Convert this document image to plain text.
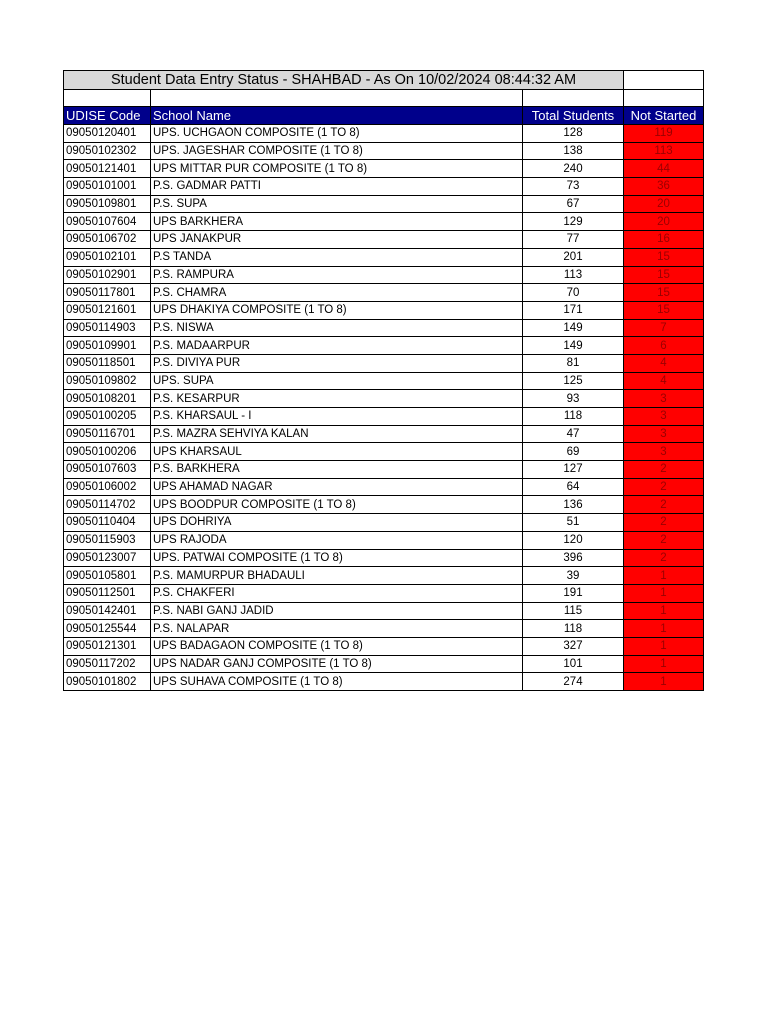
Student Data Entry Status - SHAHBAD - As On 10/02/2024 08:44:32 AM			

UDISE Code	School Name	Total Students	Not Started
09050120401	UPS. UCHGAON COMPOSITE (1 TO 8)	128	119
09050102302	UPS. JAGESHAR COMPOSITE (1 TO 8)	138	113
09050121401	UPS MITTAR PUR COMPOSITE (1 TO 8)	240	44
09050101001	P.S. GADMAR PATTI	73	36
09050109801	P.S. SUPA	67	20
09050107604	UPS BARKHERA	129	20
09050106702	UPS JANAKPUR	77	16
09050102101	P.S TANDA	201	15
09050102901	P.S. RAMPURA	113	15
09050117801	P.S. CHAMRA	70	15
09050121601	UPS DHAKIYA COMPOSITE (1 TO 8)	171	15
09050114903	P.S. NISWA	149	7
09050109901	P.S. MADAARPUR	149	6
09050118501	P.S. DIVIYA PUR	81	4
09050109802	UPS. SUPA	125	4
09050108201	P.S. KESARPUR	93	3
09050100205	P.S. KHARSAUL - I	118	3
09050116701	P.S. MAZRA SEHVIYA KALAN	47	3
09050100206	UPS KHARSAUL	69	3
09050107603	P.S. BARKHERA	127	2
09050106002	UPS AHAMAD NAGAR	64	2
09050114702	UPS BOODPUR COMPOSITE (1 TO 8)	136	2
09050110404	UPS DOHRIYA	51	2
09050115903	UPS RAJODA	120	2
09050123007	UPS. PATWAI COMPOSITE (1 TO 8)	396	2
09050105801	P.S. MAMURPUR BHADAULI	39	1
09050112501	P.S. CHAKFERI	191	1
09050142401	P.S. NABI GANJ JADID	115	1
09050125544	P.S. NALAPAR	118	1
09050121301	UPS BADAGAON COMPOSITE (1 TO 8)	327	1
09050117202	UPS NADAR GANJ COMPOSITE (1 TO 8)	101	1
09050101802	UPS SUHAVA COMPOSITE (1 TO 8)	274	1
